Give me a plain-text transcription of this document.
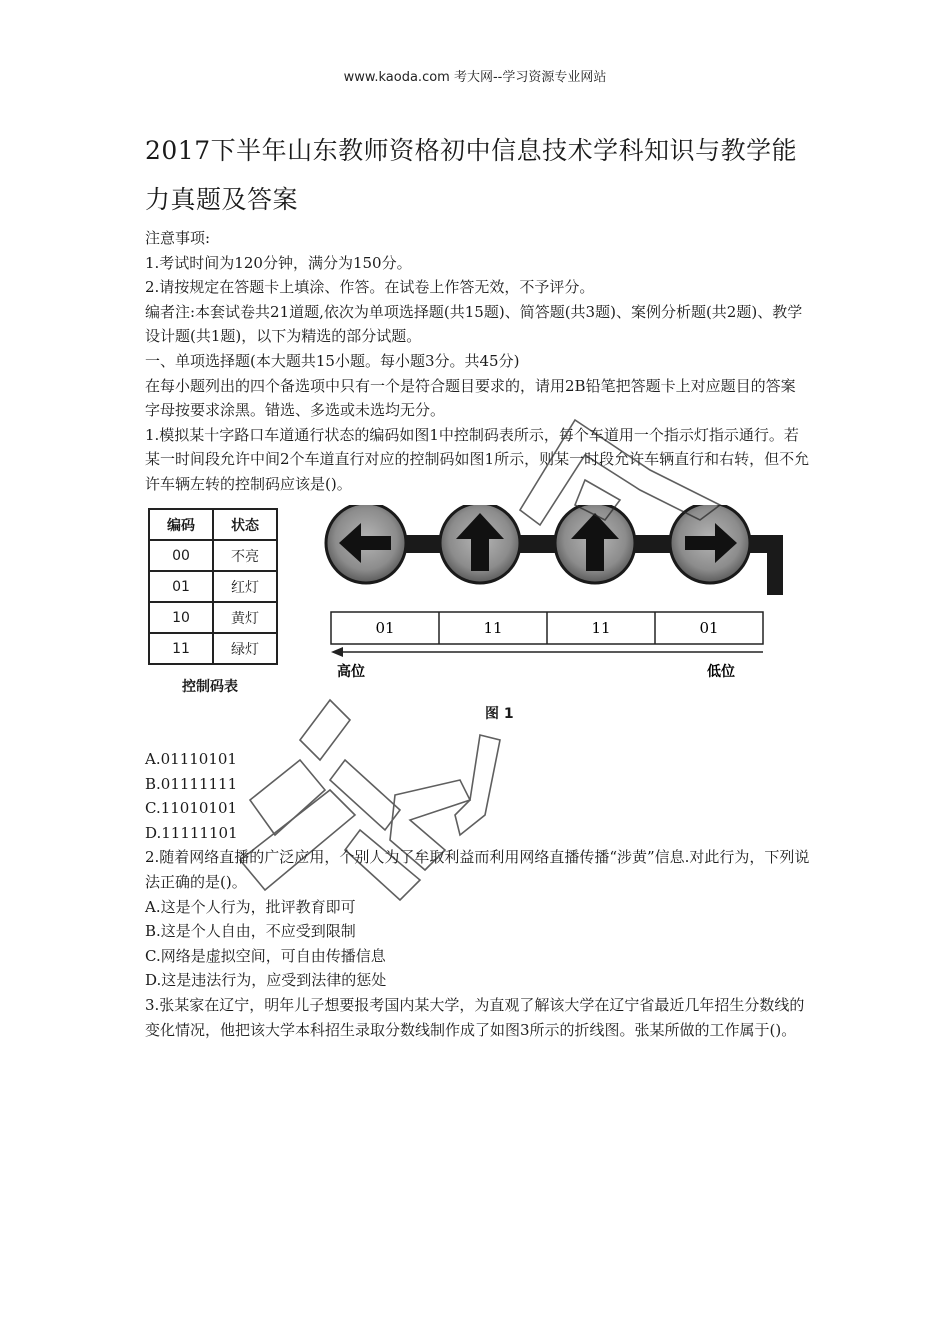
www.kaoda.com 考大网--学习资源专业网站
2017下半年山东教师资格初中信息技术学科知识与教学能
力真题及答案
注意事项:
1.考试时间为120分钟，满分为150分。
2.请按规定在答题卡上填涂、作答。在试卷上作答无效，不予评分。
编者注:本套试卷共21道题,依次为单项选择题(共15题)、简答题(共3题)、案例分析题(共2题)、教学设计题(共1题)，以下为精选的部分试题。
一、单项选择题(本大题共15小题。每小题3分。共45分)
在每小题列出的四个备选项中只有一个是符合题目要求的，请用2B铅笔把答题卡上对应题目的答案字母按要求涂黑。错选、多选或未选均无分。
1.模拟某十字路口车道通行状态的编码如图1中控制码表所示，每个车道用一个指示灯指示通行。若某一时间段允许中间2个车道直行对应的控制码如图1所示，则某一时段允许车辆直行和右转，但不允许车辆左转的控制码应该是()。
编码	状态
00	不亮
01	红灯
10	黄灯
11	绿灯
控制码表
01	11	11	01
高位	低位
图 1
A.01110101
B.01111111
C.11010101
D.11111101
2.随着网络直播的广泛应用，个别人为了牟取利益而利用网络直播传播“涉黄”信息.对此行为，下列说法正确的是()。
A.这是个人行为，批评教育即可
B.这是个人自由，不应受到限制
C.网络是虚拟空间，可自由传播信息
D.这是违法行为，应受到法律的惩处
3.张某家在辽宁，明年儿子想要报考国内某大学，为直观了解该大学在辽宁省最近几年招生分数线的变化情况，他把该大学本科招生录取分数线制作成了如图3所示的折线图。张某所做的工作属于()。
